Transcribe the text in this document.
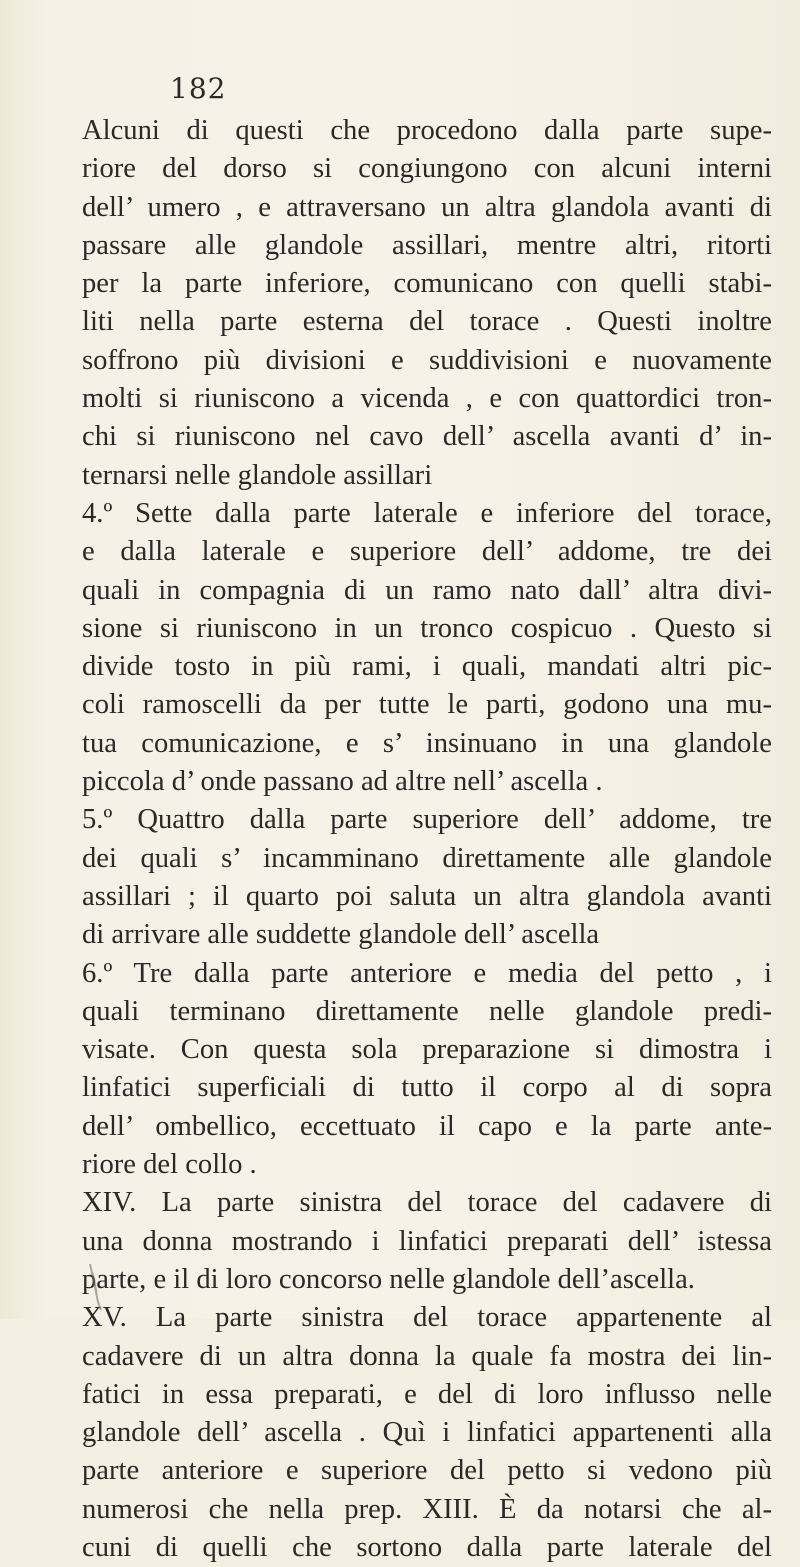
182
Alcuni di questi che procedono dalla parte supe-
riore del dorso si congiungono con alcuni interni
dell’ umero , e attraversano un altra glandola avanti di
passare alle glandole assillari, mentre altri, ritorti
per la parte inferiore, comunicano con quelli stabi-
liti nella parte esterna del torace . Questi inoltre
soffrono più divisioni e suddivisioni e nuovamente
molti si riuniscono a vicenda , e con quattordici tron-
chi si riuniscono nel cavo dell’ ascella avanti d’ in-
ternarsi nelle glandole assillari
4.º Sette dalla parte laterale e inferiore del torace,
e dalla laterale e superiore dell’ addome, tre dei
quali in compagnia di un ramo nato dall’ altra divi-
sione si riuniscono in un tronco cospicuo . Questo si
divide tosto in più rami, i quali, mandati altri pic-
coli ramoscelli da per tutte le parti, godono una mu-
tua comunicazione, e s’ insinuano in una glandole
piccola d’ onde passano ad altre nell’ ascella .
5.º Quattro dalla parte superiore dell’ addome, tre
dei quali s’ incamminano direttamente alle glandole
assillari ; il quarto poi saluta un altra glandola avanti
di arrivare alle suddette glandole dell’ ascella
6.º Tre dalla parte anteriore e media del petto , i
quali terminano direttamente nelle glandole predi-
visate. Con questa sola preparazione si dimostra i
linfatici superficiali di tutto il corpo al di sopra
dell’ ombellico, eccettuato il capo e la parte ante-
riore del collo .
XIV. La parte sinistra del torace del cadavere di
una donna mostrando i linfatici preparati dell’ istessa
parte, e il di loro concorso nelle glandole dell’ascella.
XV. La parte sinistra del torace appartenente al
cadavere di un altra donna la quale fa mostra dei lin-
fatici in essa preparati, e del di loro influsso nelle
glandole dell’ ascella . Quì i linfatici appartenenti alla
parte anteriore e superiore del petto si vedono più
numerosi che nella prep. XIII. È da notarsi che al-
cuni di quelli che sortono dalla parte laterale del
